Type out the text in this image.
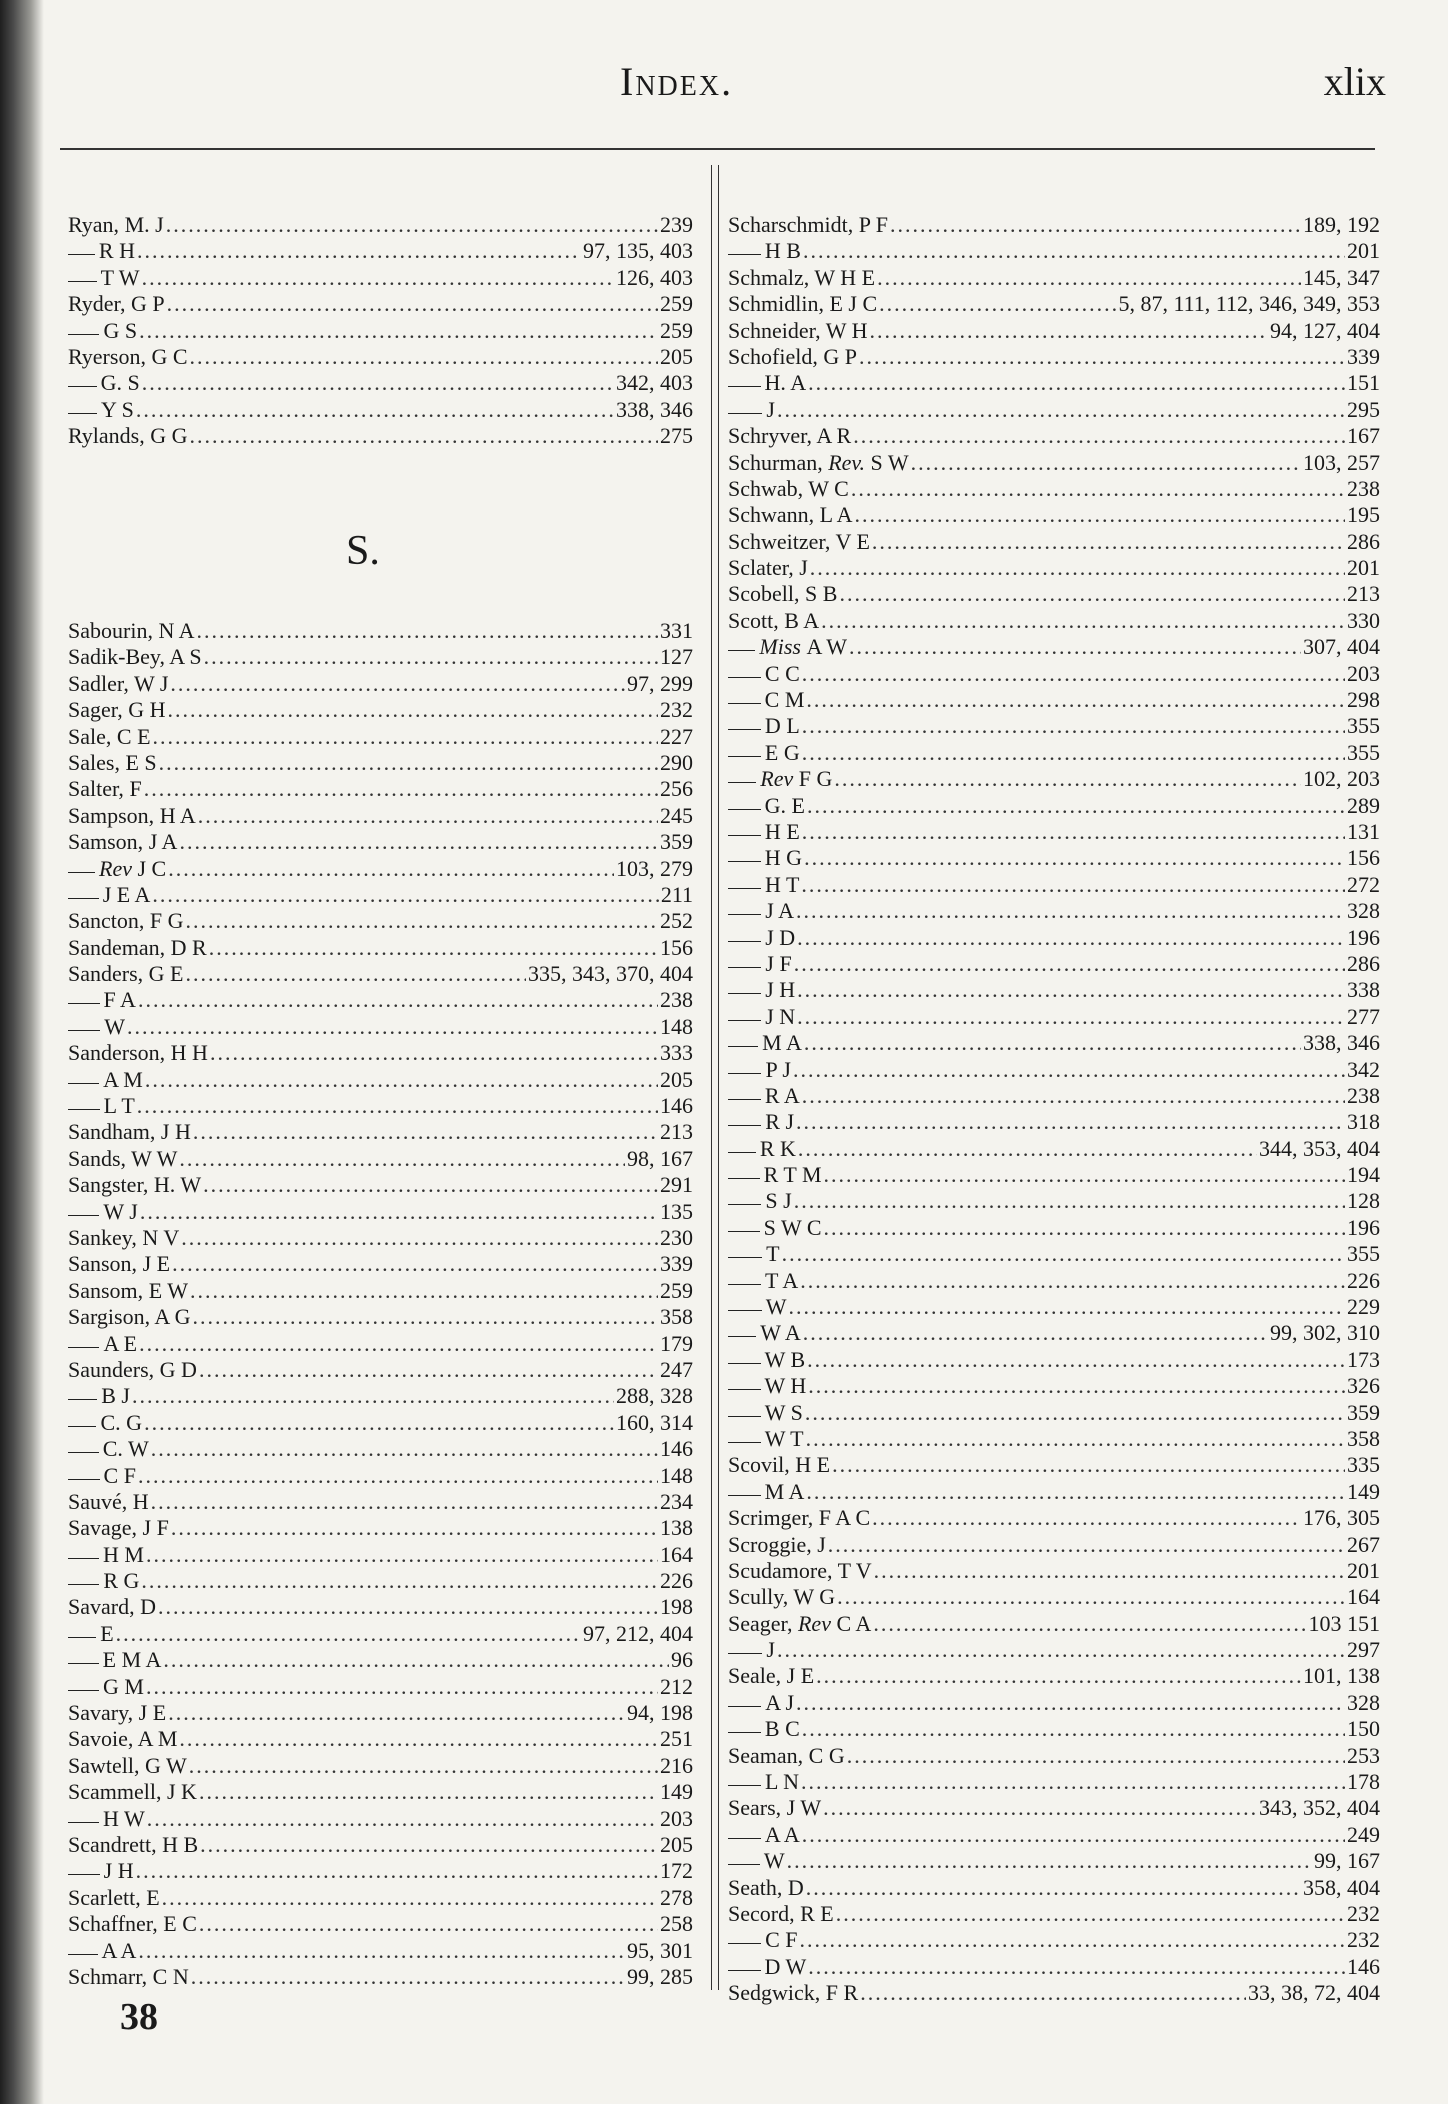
Index.	xlix
Ryan, M. J .....	239
R H .....	97, 135, 403
T W .....	126, 403
Ryder, G P .....	259
G S .....	259
Ryerson, G C .....	205
G. S .....	342, 403
Y S .....	338, 346
Rylands, G G .....	275
S.
Sabourin, N A .....	331
Sadik-Bey, A S .....	127
Sadler, W J .....	97, 299
Sager, G H .....	232
Sale, C E .....	227
Sales, E S .....	290
Salter, F .....	256
Sampson, H A .....	245
Samson, J A .....	359
Rev J C .....	103, 279
J E A .....	211
Sancton, F G .....	252
Sandeman, D R .....	156
Sanders, G E .....	335, 343, 370, 404
F A .....	238
W .....	148
Sanderson, H H .....	333
A M .....	205
L T .....	146
Sandham, J H .....	213
Sands, W W .....	98, 167
Sangster, H. W .....	291
W J .....	135
Sankey, N V .....	230
Sanson, J E .....	339
Sansom, E W .....	259
Sargison, A G .....	358
A E .....	179
Saunders, G D .....	247
B J .....	288, 328
C. G .....	160, 314
C. W .....	146
C F .....	148
Sauvé, H .....	234
Savage, J F .....	138
H M .....	164
R G .....	226
Savard, D .....	198
E .....	97, 212, 404
E M A .....	96
G M .....	212
Savary, J E .....	94, 198
Savoie, A M .....	251
Sawtell, G W .....	216
Scammell, J K .....	149
H W .....	203
Scandrett, H B .....	205
J H .....	172
Scarlett, E .....	278
Schaffner, E C .....	258
A A .....	95, 301
Schmarr, C N .....	99, 285
Scharschmidt, P F .....	189, 192
H B .....	201
Schmalz, W H E .....	145, 347
Schmidlin, E J C .....	5, 87, 111, 112, 346, 349, 353
Schneider, W H .....	94, 127, 404
Schofield, G P .....	339
H. A .....	151
J .....	295
Schryver, A R .....	167
Schurman, Rev. S W .....	103, 257
Schwab, W C .....	238
Schwann, L A .....	195
Schweitzer, V E .....	286
Sclater, J .....	201
Scobell, S B .....	213
Scott, B A .....	330
Miss A W .....	307, 404
C C .....	203
C M .....	298
D L .....	355
E G .....	355
Rev F G .....	102, 203
G. E .....	289
H E .....	131
H G .....	156
H T .....	272
J A .....	328
J D .....	196
J F .....	286
J H .....	338
J N .....	277
M A .....	338, 346
P J .....	342
R A .....	238
R J .....	318
R K .....	344, 353, 404
R T M .....	194
S J .....	128
S W C .....	196
T .....	355
T A .....	226
W .....	229
W A .....	99, 302, 310
W B .....	173
W H .....	326
W S .....	359
W T .....	358
Scovil, H E .....	335
M A .....	149
Scrimger, F A C .....	176, 305
Scroggie, J .....	267
Scudamore, T V .....	201
Scully, W G .....	164
Seager, Rev C A .....	103 151
J .....	297
Seale, J E .....	101, 138
A J .....	328
B C .....	150
Seaman, C G .....	253
L N .....	178
Sears, J W .....	343, 352, 404
A A .....	249
W .....	99, 167
Seath, D .....	358, 404
Secord, R E .....	232
C F .....	232
D W .....	146
Sedgwick, F R .....	33, 38, 72, 404
38
